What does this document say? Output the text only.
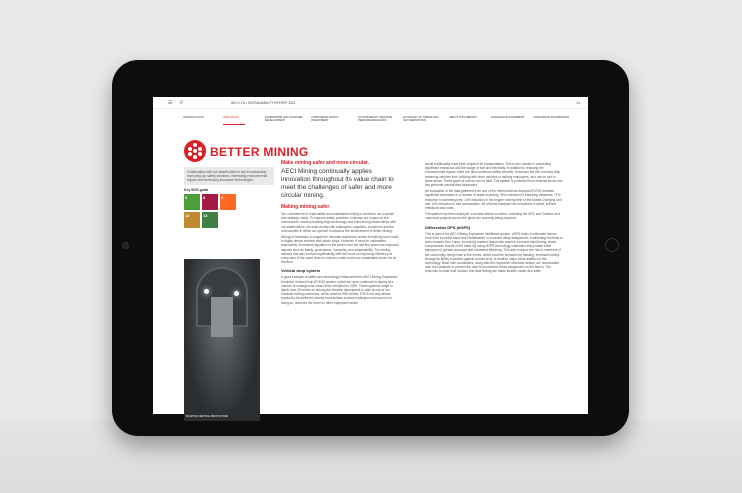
☰ ↺	AECI LTD • SUSTAINABILITY REPORT 2021	31
INTRODUCTION	OUR GOALS	ENTERPRISE AND SUPPLIER DEVELOPMENT
CORPORATE SOCIAL INVESTMENT
SUSTAINABILITY-RELATED PERFORMANCE DATA
GLOSSARY OF TERMS AND KEY DEFINITIONS
ABOUT THIS REPORT	ASSURANCE STATEMENT	CORPORATE INFORMATION
BETTER MINING
Collaboration with our stakeholders is key to sustainably improving our safety practices, minimising environmental impact and developing innovative technologies.
Key SDG goals
3	8	9
12	13
BLASTING VERTICAL DROP SYSTEM
Make mining safer and more circular.
AECI Mining continually applies innovation throughout its value chain to meet the challenges of safer and more circular mining.
Making mining safer
Our commitment to responsible and sustainable mining is central to our purpose and strategic vision. To improve safety practices, minimise our impact on the environment, develop leading edge technology and build strong relationships with our stakeholders, we work closely with employees, suppliers, customers and the communities in which we operate to advance the achievement of Better Mining.
Mining is necessary to supply the minerals required to create everything from roads to digital device screens and silicon chips. However, it must be undertaken responsibly. Increased regulation in the sector over the last few years has improved aspects such as safety, governance, inclusivity, and sustainability. The mining industry has also evolved significantly, with the focus on improving efficiency at every step of the value chain to ensure a safer and more sustainable sector for all involved.
Vertical drop system
A good example of safety and technology enhancement is AECI Mining Explosives' Emulsion Vertical Drop (EVDS) system, which we have continued to deploy at a number of underground mines since inception in 2009. These systems range in depth from 30 metres to among the deepest deployment to date at one of our Zambian mining customers, which reaches 980 metres. EVDS not only allows product to be delivered directly from surface to deep underground areas but, in doing so, removes the need for other equipment which
would traditionally have been required for transportation. This in turn assists in preventing significant emissions and the usage of fuel and electricity. In addition to reducing the environmental impact, there are also numerous safety benefits. It reduces the risk of heavy duty tramming vehicles from colliding with other vehicles or striking employees, who are on foot in these areas. These types of events can be fatal. The system is protected from external shock and this prevents uncontrolled detonation.
An evaluation of the data gathered from one of the mines that has deployed EVDS revealed significant decreases in a number of areas including: 90% reduction in tramming distances, 71% reduction in tramming time, 14% reduction in the engine running time of the Mobile Charging Unit and 12% reduction in fuel consumption. All of these translate into reductions in direct, indirect emissions and costs.
The system has been deployed in central African countries, including the DRC and Zambia, and numerous projects across the globe are currently being explored.
Differential GPS (dGPS)
This is part of the AECI Mining Explosives Intelliblast system. dGPS helps to eliminate human error from incorrect blast hole identification or incorrect delay assignment, contributing to efforts to work towards Zero Harm. Incorrectly marked blast holes result in incorrect blast timing, which compromises results of the blast. By using dGPS technology customers enjoy faster blast deployment, greater accuracy and increased efficiency. This also reduces the risk to members of the community, living close to the mines, which could be impacted by blasting. Increased safety, through its ability to protect against human error, is another major value addition of this technology. Blast hole coordinates, along with the respective detonator delays, are downloaded onto the hardware to prevent the user from incorrect delay assignment on the bench. The response to blast hole location and fault finding are made simpler, faster and safer.
